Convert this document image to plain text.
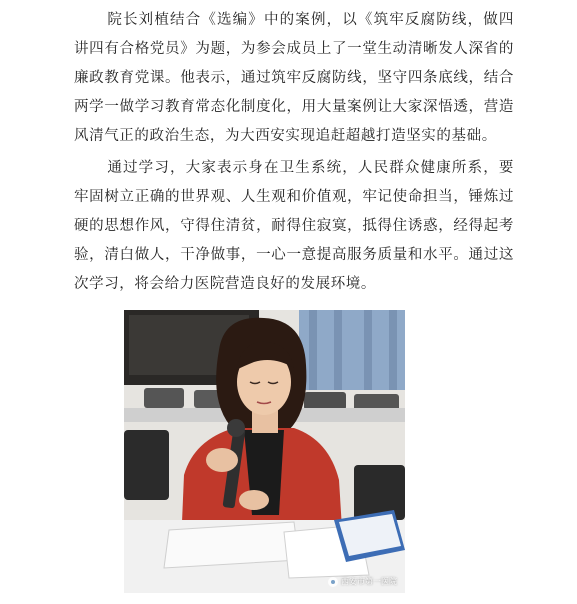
院长刘植结合《选编》中的案例，以《筑牢反腐防线，做四讲四有合格党员》为题，为参会成员上了一堂生动清晰发人深省的廉政教育党课。他表示，通过筑牢反腐防线，坚守四条底线，结合两学一做学习教育常态化制度化，用大量案例让大家深悟透，营造风清气正的政治生态，为大西安实现追赶超越打造坚实的基础。

通过学习，大家表示身在卫生系统，人民群众健康所系，要牢固树立正确的世界观、人生观和价值观，牢记使命担当，锤炼过硬的思想作风，守得住清贫，耐得住寂寞，抵得住诱惑，经得起考验，清白做人，干净做事，一心一意提高服务质量和水平。通过这次学习，将会给力医院营造良好的发展环境。

西安市第一医院
